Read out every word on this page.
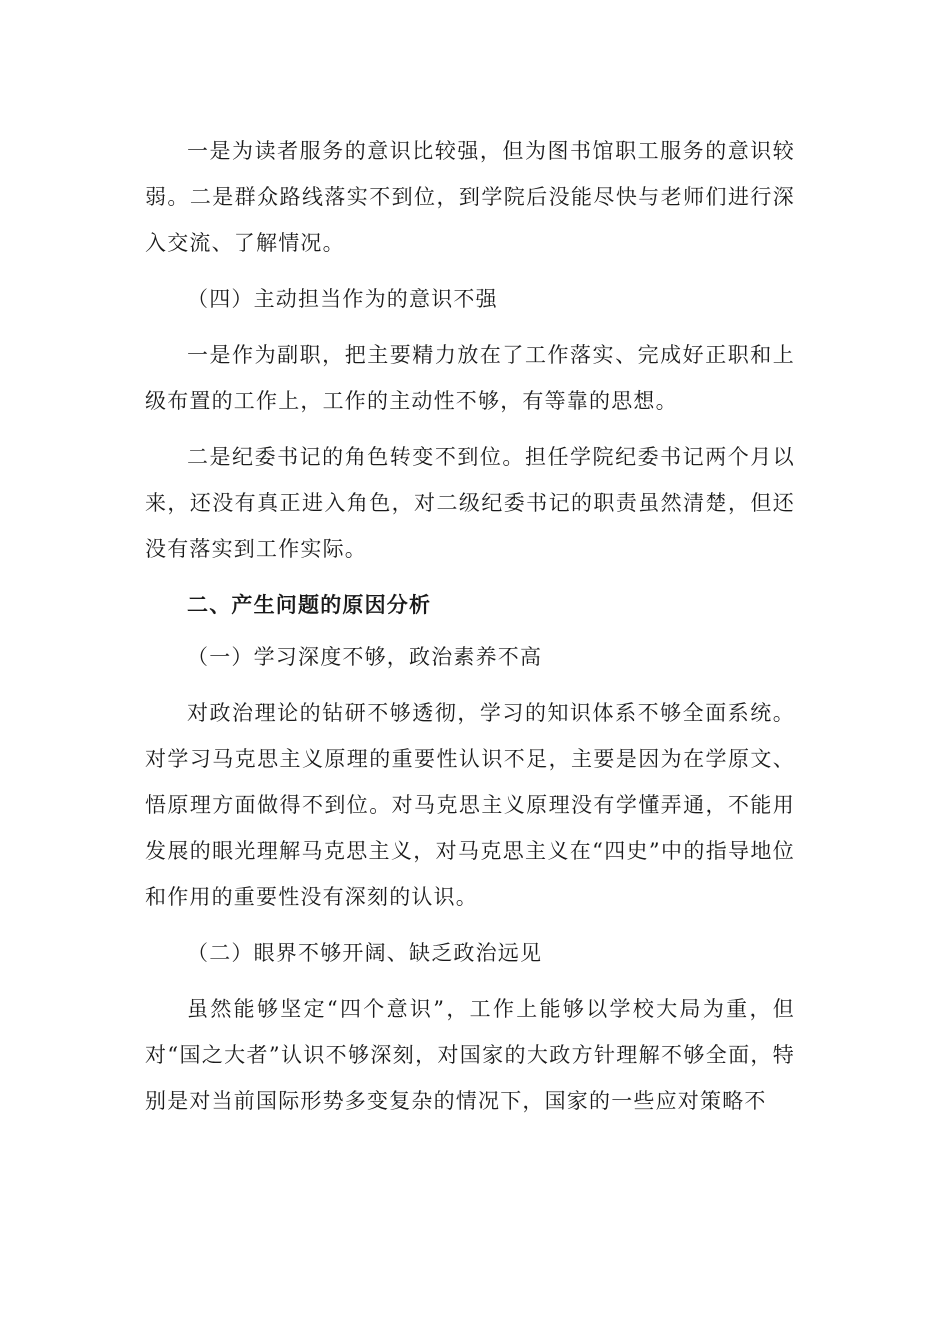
一是为读者服务的意识比较强，但为图书馆职工服务的意识较弱。二是群众路线落实不到位，到学院后没能尽快与老师们进行深入交流、了解情况。

（四）主动担当作为的意识不强

一是作为副职，把主要精力放在了工作落实、完成好正职和上级布置的工作上，工作的主动性不够，有等靠的思想。

二是纪委书记的角色转变不到位。担任学院纪委书记两个月以来，还没有真正进入角色，对二级纪委书记的职责虽然清楚，但还没有落实到工作实际。

二、产生问题的原因分析

（一）学习深度不够，政治素养不高

对政治理论的钻研不够透彻，学习的知识体系不够全面系统。对学习马克思主义原理的重要性认识不足，主要是因为在学原文、悟原理方面做得不到位。对马克思主义原理没有学懂弄通，不能用发展的眼光理解马克思主义，对马克思主义在“四史”中的指导地位和作用的重要性没有深刻的认识。

（二）眼界不够开阔、缺乏政治远见

虽然能够坚定“四个意识”，工作上能够以学校大局为重，但对“国之大者”认识不够深刻，对国家的大政方针理解不够全面，特别是对当前国际形势多变复杂的情况下，国家的一些应对策略不
